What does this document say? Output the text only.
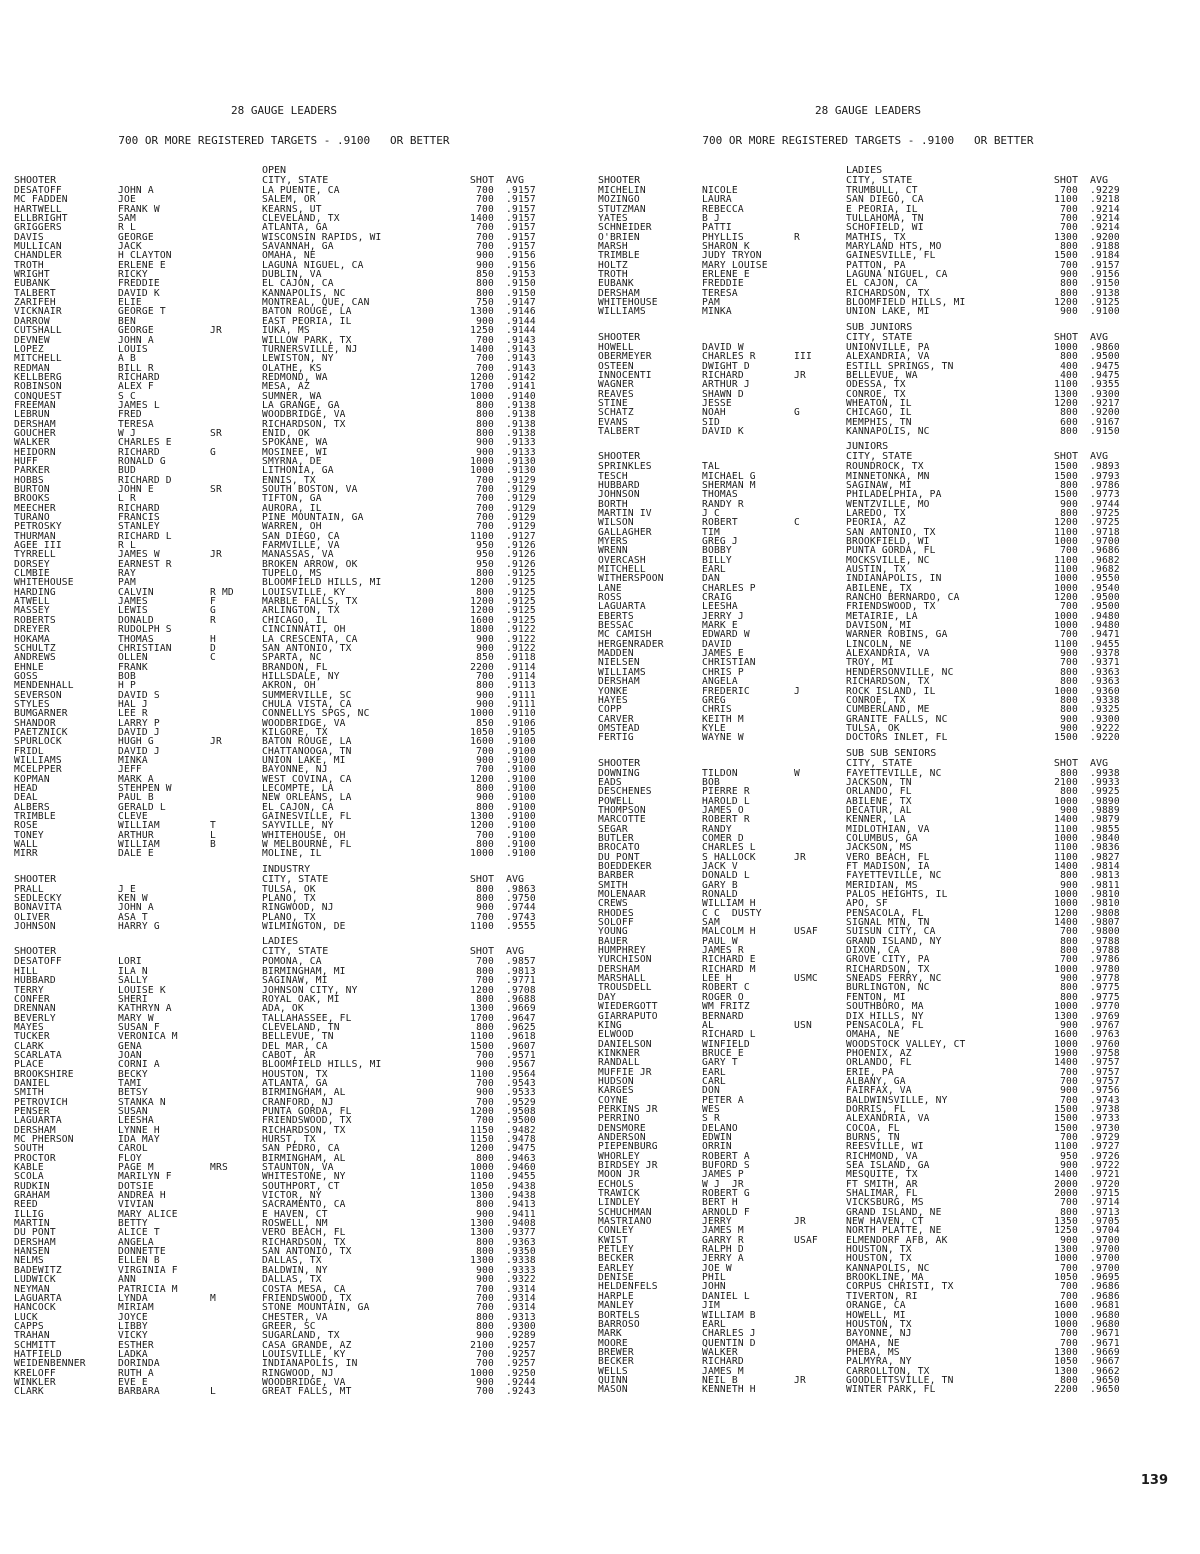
28 GAUGE LEADERS

700 OR MORE REGISTERED TARGETS - .9100   OR BETTER

OPEN
SHOOTER	CITY, STATE	SHOT AVG
DESATOFF	JOHN A	LA PUENTE, CA	700 .9157
MC FADDEN	JOE	SALEM, OR	700 .9157
HARTWELL	FRANK W	KEARNS, UT	700 .9157
ELLBRIGHT	SAM	CLEVELAND, TX	1400 .9157
GRIGGERS	R L	ATLANTA, GA	700 .9157
DAVIS	GEORGE	WISCONSIN RAPIDS, WI	700 .9157
MULLICAN	JACK	SAVANNAH, GA	700 .9157
CHANDLER	H CLAYTON	OMAHA, NE	900 .9156
TROTH	ERLENE E	LAGUNA NIGUEL, CA	900 .9156
WRIGHT	RICKY	DUBLIN, VA	850 .9153
EUBANK	FREDDIE	EL CAJON, CA	800 .9150
TALBERT	DAVID K	KANNAPOLIS, NC	800 .9150
ZARIFEH	ELIE	MONTREAL, QUE, CAN	750 .9147
VICKNAIR	GEORGE T	BATON ROUGE, LA	1300 .9146
DARROW	BEN	EAST PEORIA, IL	900 .9144
CUTSHALL	GEORGE	JR	IUKA, MS	1250 .9144
DEVNEW	JOHN A	WILLOW PARK, TX	700 .9143
LOPEZ	LOUIS	TURNERSVILLE, NJ	1400 .9143
MITCHELL	A B	LEWISTON, NY	700 .9143
REDMAN	BILL R	OLATHE, KS	700 .9143
KELLBERG	RICHARD	REDMOND, WA	1200 .9142
ROBINSON	ALEX F	MESA, AZ	1700 .9141
CONQUEST	S C	SUMNER, WA	1000 .9140
FREEMAN	JAMES L	LA GRANGE, GA	800 .9138
LEBRUN	FRED	WOODBRIDGE, VA	800 .9138
DERSHAM	TERESA	RICHARDSON, TX	800 .9138
GOUCHER	W J	SR	ENID, OK	800 .9138
WALKER	CHARLES E	SPOKANE, WA	900 .9133
HEIDORN	RICHARD	G	MOSINEE, WI	900 .9133
HUFF	RONALD G	SMYRNA, DE	1000 .9130
PARKER	BUD	LITHONIA, GA	1000 .9130
HOBBS	RICHARD D	ENNIS, TX	700 .9129
BURTON	JOHN E	SR	SOUTH BOSTON, VA	700 .9129
BROOKS	L R	TIFTON, GA	700 .9129
MEECHER	RICHARD	AURORA, IL	700 .9129
TURANO	FRANCIS	PINE MOUNTAIN, GA	700 .9129
PETROSKY	STANLEY	WARREN, OH	700 .9129
THURMAN	RICHARD L	SAN DIEGO, CA	1100 .9127
AGEE III	R L	FARMVILLE, VA	950 .9126
TYRRELL	JAMES W	JR	MANASSAS, VA	950 .9126
DORSEY	EARNEST R	BROKEN ARROW, OK	950 .9126
CLMBIE	RAY	TUPELO, MS	800 .9125
WHITEHOUSE	PAM	BLOOMFIELD HILLS, MI	1200 .9125
HARDING	CALVIN	R MD	LOUISVILLE, KY	800 .9125
ATWELL	JAMES	F	MARBLE FALLS, TX	1200 .9125
MASSEY	LEWIS	G	ARLINGTON, TX	1200 .9125
ROBERTS	DONALD	R	CHICAGO, IL	1600 .9125
DREYER	RUDOLPH S	CINCINNATI, OH	1800 .9122
HOKAMA	THOMAS	H	LA CRESCENTA, CA	900 .9122
SCHULTZ	CHRISTIAN	D	SAN ANTONIO, TX	900 .9122
ANDREWS	OLLEN	C	SPARTA, NC	850 .9118
EHNLE	FRANK	BRANDON, FL	2200 .9114
GOSS	BOB	HILLSDALE, NY	700 .9114
MENDENHALL	H P	AKRON, OH	800 .9113
SEVERSON	DAVID S	SUMMERVILLE, SC	900 .9111
STYLES	HAL J	CHULA VISTA, CA	900 .9111
BUMGARNER	LEE R	CONNELLYS SPGS, NC	1000 .9110
SHANDOR	LARRY P	WOODBRIDGE, VA	850 .9106
PAETZNICK	DAVID J	KILGORE, TX	1050 .9105
SPURLOCK	HUGH G	JR	BATON ROUGE, LA	1600 .9100
FRIDL	DAVID J	CHATTANOOGA, TN	700 .9100
WILLIAMS	MINKA	UNION LAKE, MI	900 .9100
MCELPPER	JEFF	BAYONNE, NJ	700 .9100
KOPMAN	MARK A	WEST COVINA, CA	1200 .9100
HEAD	STEHPEN W	LECOMPTE, LA	800 .9100
DEAL	PAUL B	NEW ORLEANS, LA	900 .9100
ALBERS	GERALD L	EL CAJON, CA	800 .9100
TRIMBLE	CLEVE	GAINESVILLE, FL	1300 .9100
ROSE	WILLIAM	T	SAYVILLE, NY	1200 .9100
TONEY	ARTHUR	L	WHITEHOUSE, OH	700 .9100
WALL	WILLIAM	B	W MELBOURNE, FL	800 .9100
MIRR	DALE E	MOLINE, IL	1000 .9100
INDUSTRY
SHOOTER	CITY, STATE	SHOT AVG
PRALL	J E	TULSA, OK	800 .9863
SEDLECKY	KEN W	PLANO, TX	800 .9750
BONAVITA	JOHN A	RINGWOOD, NJ	900 .9744
OLIVER	ASA T	PLANO, TX	700 .9743
JOHNSON	HARRY G	WILMINGTON, DE	1100 .9555
LADIES
SHOOTER	CITY, STATE	SHOT AVG
DESATOFF	LORI	POMONA, CA	700 .9857
HILL	ILA N	BIRMINGHAM, MI	800 .9813
HUBBARD	SALLY	SAGINAW, MI	700 .9771
TERRY	LOUISE K	JOHNSON CITY, NY	1200 .9708
CONFER	SHERI	ROYAL OAK, MI	800 .9688
DRENNAN	KATHRYN A	ADA, OK	1300 .9669
BEVERLY	MARY W	TALLAHASSEE, FL	1700 .9647
MAYES	SUSAN F	CLEVELAND, TN	800 .9625
TUCKER	VERONICA M	BELLEVUE, TN	1100 .9618
CLARK	GENA	DEL MAR, CA	1500 .9607
SCARLATA	JOAN	CABOT, AR	700 .9571
PLACE	CORNI A	BLOOMFIELD HILLS, MI	900 .9567
BROOKSHIRE	BECKY	HOUSTON, TX	1100 .9564
DANIEL	TAMI	ATLANTA, GA	700 .9543
SMITH	BETSY	BIRMINGHAM, AL	900 .9533
PETROVICH	STANKA N	CRANFORD, NJ	700 .9529
PENSER	SUSAN	PUNTA GORDA, FL	1200 .9508
LAGUARTA	LEESHA	FRIENDSWOOD, TX	700 .9500
DERSHAM	LYNNE H	RICHARDSON, TX	1150 .9482
MC PHERSON	IDA MAY	HURST, TX	1150 .9478
SOUTH	CAROL	SAN PEDRO, CA	1200 .9475
PROCTOR	FLOY	BIRMINGHAM, AL	800 .9463
KABLE	PAGE M	MRS	STAUNTON, VA	1000 .9460
SCOLA	MARILYN F	WHITESTONE, NY	1100 .9455
RUDKIN	DOTSIE	SOUTHPORT, CT	1050 .9438
GRAHAM	ANDREA H	VICTOR, NY	1300 .9438
REED	VIVIAN	SACRAMENTO, CA	800 .9413
ILLIG	MARY ALICE	E HAVEN, CT	900 .9411
MARTIN	BETTY	ROSWELL, NM	1300 .9408
DU PONT	ALICE T	VERO BEACH, FL	1300 .9377
DERSHAM	ANGELA	RICHARDSON, TX	800 .9363
HANSEN	DONNETTE	SAN ANTONIO, TX	800 .9350
NELMS	ELLEN B	DALLAS, TX	1300 .9338
BADEWITZ	VIRGINIA F	BALDWIN, NY	900 .9333
LUDWICK	ANN	DALLAS, TX	900 .9322
NEYMAN	PATRICIA M	COSTA MESA, CA	700 .9314
LAGUARTA	LYNDA	M	FRIENDSWOOD, TX	700 .9314
HANCOCK	MIRIAM	STONE MOUNTAIN, GA	700 .9314
LUCK	JOYCE	CHESTER, VA	800 .9313
CAPPS	LIBBY	GREER, SC	800 .9300
TRAHAN	VICKY	SUGARLAND, TX	900 .9289
SCHMITT	ESTHER	CASA GRANDE, AZ	2100 .9257
HATFIELD	LADKA	LOUISVILLE, KY	700 .9257
WEIDENBENNER	DORINDA	INDIANAPOLIS, IN	700 .9257
KRELOFF	RUTH A	RINGWOOD, NJ	1000 .9250
WINKLER	EVE E	WOODBRIDGE, VA	900 .9244
CLARK	BARBARA	L	GREAT FALLS, MT	700 .9243

28 GAUGE LEADERS

700 OR MORE REGISTERED TARGETS - .9100   OR BETTER

LADIES
SHOOTER	CITY, STATE	SHOT AVG
MICHELIN	NICOLE	TRUMBULL, CT	700 .9229
MOZINGO	LAURA	SAN DIEGO, CA	1100 .9218
STUTZMAN	REBECCA	E PEORIA, IL	700 .9214
YATES	B J	TULLAHOMA, TN	700 .9214
SCHNEIDER	PATTI	SCHOFIELD, WI	700 .9214
O'BRIEN	PHYLLIS	R	MATHIS, TX	1300 .9200
MARSH	SHARON K	MARYLAND HTS, MO	800 .9188
TRIMBLE	JUDY TRYON	GAINESVILLE, FL	1500 .9184
HOLTZ	MARY LOUISE	PATTON, PA	700 .9157
TROTH	ERLENE E	LAGUNA NIGUEL, CA	900 .9156
EUBANK	FREDDIE	EL CAJON, CA	800 .9150
DERSHAM	TERESA	RICHARDSON, TX	800 .9138
WHITEHOUSE	PAM	BLOOMFIELD HILLS, MI	1200 .9125
WILLIAMS	MINKA	UNION LAKE, MI	900 .9100
SUB JUNIORS
SHOOTER	CITY, STATE	SHOT AVG
HOWELL	DAVID W	UNIONVILLE, PA	1000 .9860
OBERMEYER	CHARLES R	III	ALEXANDRIA, VA	800 .9500
OSTEEN	DWIGHT D	ESTILL SPRINGS, TN	400 .9475
INNOCENTI	RICHARD	JR	BELLEVUE, WA	400 .9475
WAGNER	ARTHUR J	ODESSA, TX	1100 .9355
REAVES	SHAWN D	CONROE, TX	1300 .9300
STINE	JESSE	WHEATON, IL	1200 .9217
SCHATZ	NOAH	G	CHICAGO, IL	800 .9200
EVANS	SID	MEMPHIS, TN	600 .9167
TALBERT	DAVID K	KANNAPOLIS, NC	800 .9150
JUNIORS
SHOOTER	CITY, STATE	SHOT AVG
SPRINKLES	TAL	ROUNDROCK, TX	1500 .9893
TESCH	MICHAEL G	MINNETONKA, MN	1500 .9793
HUBBARD	SHERMAN M	SAGINAW, MI	800 .9786
JOHNSON	THOMAS	PHILADELPHIA, PA	1500 .9773
BORTH	RANDY R	WENTZVILLE, MO	900 .9744
MARTIN IV	J C	LAREDO, TX	800 .9725
WILSON	ROBERT	C	PEORIA, AZ	1200 .9725
GALLAGHER	TIM	SAN ANTONIO, TX	1100 .9718
MYERS	GREG J	BROOKFIELD, WI	1000 .9700
WRENN	BOBBY	PUNTA GORDA, FL	700 .9686
OVERCASH	BILLY	MOCKSVILLE, NC	1100 .9682
MITCHELL	EARL	AUSTIN, TX	1100 .9682
WITHERSPOON	DAN	INDIANAPOLIS, IN	1000 .9550
LANE	CHARLES P	ABILENE, TX	1000 .9540
ROSS	CRAIG	RANCHO BERNARDO, CA	1200 .9500
LAGUARTA	LEESHA	FRIENDSWOOD, TX	700 .9500
EBERTS	JERRY J	METAIRIE, LA	1000 .9480
BESSAC	MARK E	DAVISON, MI	1000 .9480
MC CAMISH	EDWARD W	WARNER ROBINS, GA	700 .9471
HERGENRADER	DAVID	LINCOLN, NE	1100 .9455
MADDEN	JAMES E	ALEXANDRIA, VA	900 .9378
NIELSEN	CHRISTIAN	TROY, MI	700 .9371
WILLIAMS	CHRIS P	HENDERSONVILLE, NC	800 .9363
DERSHAM	ANGELA	RICHARDSON, TX	800 .9363
YONKE	FREDERIC	J	ROCK ISLAND, IL	1000 .9360
HAYES	GREG	CONROE, TX	800 .9338
COPP	CHRIS	CUMBERLAND, ME	800 .9325
CARVER	KEITH M	GRANITE FALLS, NC	900 .9300
OMSTEAD	KYLE	TULSA, OK	900 .9222
FERTIG	WAYNE W	DOCTORS INLET, FL	1500 .9220
SUB SUB SENIORS
SHOOTER	CITY, STATE	SHOT AVG
DOWNING	TILDON	W	FAYETTEVILLE, NC	800 .9938
EADS	BOB	JACKSON, TN	2100 .9933
DESCHENES	PIERRE R	ORLANDO, FL	800 .9925
POWELL	HAROLD L	ABILENE, TX	1000 .9890
THOMPSON	JAMES O	DECATUR, AL	900 .9889
MARCOTTE	ROBERT R	KENNER, LA	1400 .9879
SEGAR	RANDY	MIDLOTHIAN, VA	1100 .9855
BUTLER	COMER D	COLUMBUS, GA	1000 .9840
BROCATO	CHARLES L	JACKSON, MS	1100 .9836
DU PONT	S HALLOCK	JR	VERO BEACH, FL	1100 .9827
BOEDDEKER	JACK V	FT MADISON, IA	1400 .9814
BARBER	DONALD L	FAYETTEVILLE, NC	800 .9813
SMITH	GARY B	MERIDIAN, MS	900 .9811
MOLENAAR	RONALD	PALOS HEIGHTS, IL	1000 .9810
CREWS	WILLIAM H	APO, SF	1000 .9810
RHODES	C C  DUSTY	PENSACOLA, FL	1200 .9808
SOLOFF	SAM	SIGNAL MTN, TN	1400 .9807
YOUNG	MALCOLM H	USAF	SUISUN CITY, CA	700 .9800
BAUER	PAUL W	GRAND ISLAND, NY	800 .9788
HUMPHREY	JAMES R	DIXON, CA	800 .9788
YURCHISON	RICHARD E	GROVE CITY, PA	700 .9786
DERSHAM	RICHARD M	RICHARDSON, TX	1000 .9780
MARSHALL	LEE H	USMC	SNEADS FERRY, NC	900 .9778
TROUSDELL	ROBERT C	BURLINGTON, NC	800 .9775
DAY	ROGER O	FENTON, MI	800 .9775
WIEDERGOTT	WM FRITZ	SOUTHBORO, MA	1000 .9770
GIARRAPUTO	BERNARD	DIX HILLS, NY	1300 .9769
KING	AL	USN	PENSACOLA, FL	900 .9767
ELWOOD	RICHARD L	OMAHA, NE	1600 .9763
DANIELSON	WINFIELD	WOODSTOCK VALLEY, CT	1000 .9760
KINKNER	BRUCE E	PHOENIX, AZ	1900 .9758
RANDALL	GARY T	ORLANDO, FL	1400 .9757
MUFFIE JR	EARL	ERIE, PA	700 .9757
HUDSON	CARL	ALBANY, GA	700 .9757
KARGES	DON	FAIRFAX, VA	900 .9756
COYNE	PETER A	BALDWINSVILLE, NY	700 .9743
PERKINS JR	WES	DORRIS, FL	1500 .9738
PERRINO	S R	ALEXANDRIA, VA	1500 .9733
DENSMORE	DELANO	COCOA, FL	1500 .9730
ANDERSON	EDWIN	BURNS, TN	700 .9729
PIEPENBURG	ORRIN	REESVILLE, WI	1100 .9727
WHORLEY	ROBERT A	RICHMOND, VA	950 .9726
BIRDSEY JR	BUFORD S	SEA ISLAND, GA	900 .9722
MOON JR	JAMES P	MESQUITE, TX	1400 .9721
ECHOLS	W J  JR	FT SMITH, AR	2000 .9720
TRAWICK	ROBERT G	SHALIMAR, FL	2000 .9715
LINDLEY	BERT H	VICKSBURG, MS	700 .9714
SCHUCHMAN	ARNOLD F	GRAND ISLAND, NE	800 .9713
MASTRIANO	JERRY	JR	NEW HAVEN, CT	1350 .9705
CONLEY	JAMES M	NORTH PLATTE, NE	1250 .9704
KWIST	GARRY R	USAF	ELMENDORF AFB, AK	900 .9700
PETLEY	RALPH D	HOUSTON, TX	1300 .9700
BECKER	JERRY A	HOUSTON, TX	1000 .9700
EARLEY	JOE W	KANNAPOLIS, NC	700 .9700
DENISE	PHIL	BROOKLINE, MA	1050 .9695
HELDENFELS	JOHN	CORPUS CHRISTI, TX	700 .9686
HARPLE	DANIEL L	TIVERTON, RI	700 .9686
MANLEY	JIM	ORANGE, CA	1600 .9681
BORTELS	WILLIAM B	HOWELL, MI	1000 .9680
BARROSO	EARL	HOUSTON, TX	1000 .9680
MARK	CHARLES J	BAYONNE, NJ	700 .9671
MOORE	QUENTIN D	OMAHA, NE	700 .9671
BREWER	WALKER	PHEBA, MS	1300 .9669
BECKER	RICHARD	PALMYRA, NY	1050 .9667
WELLS	JAMES M	CARROLLTON, TX	1300 .9662
QUINN	NEIL B	JR	GOODLETTSVILLE, TN	800 .9650
MASON	KENNETH H	WINTER PARK, FL	2200 .9650
139
